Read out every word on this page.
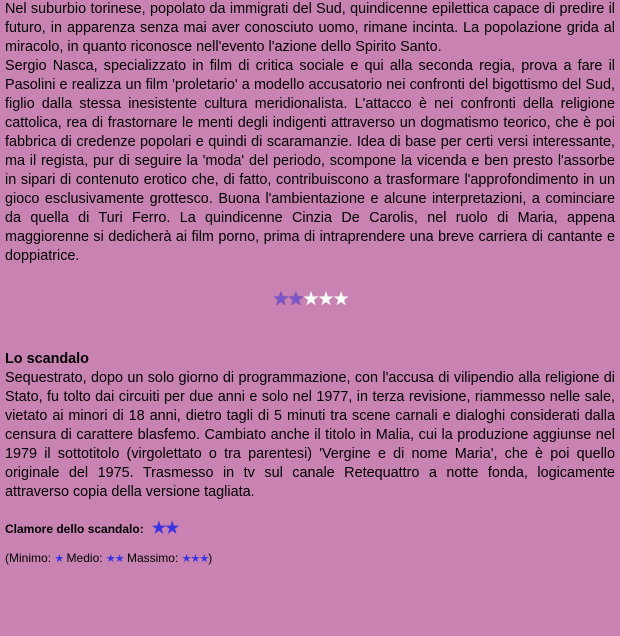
Nel suburbio torinese, popolato da immigrati del Sud, quindicenne epilettica capace di predire il futuro, in apparenza senza mai aver conosciuto uomo, rimane incinta. La popolazione grida al miracolo, in quanto riconosce nell'evento l'azione dello Spirito Santo.

Sergio Nasca, specializzato in film di critica sociale e qui alla seconda regia, prova a fare il Pasolini e realizza un film 'proletario' a modello accusatorio nei confronti del bigottismo del Sud, figlio dalla stessa inesistente cultura meridionalista. L'attacco è nei confronti della religione cattolica, rea di frastornare le menti degli indigenti attraverso un dogmatismo teorico, che è poi fabbrica di credenze popolari e quindi di scaramanzie. Idea di base per certi versi interessante, ma il regista, pur di seguire la 'moda' del periodo, scompone la vicenda e ben presto l'assorbe in sipari di contenuto erotico che, di fatto, contribuiscono a trasformare l'approfondimento in un gioco esclusivamente grottesco. Buona l'ambientazione e alcune interpretazioni, a cominciare da quella di Turi Ferro. La quindicenne Cinzia De Carolis, nel ruolo di Maria, appena maggiorenne si dedicherà ai film porno, prima di intraprendere una breve carriera di cantante e doppiatrice.

★★★★★
Lo scandalo

Sequestrato, dopo un solo giorno di programmazione, con l'accusa di vilipendio alla religione di Stato, fu tolto dai circuiti per due anni e solo nel 1977, in terza revisione, riammesso nelle sale, vietato ai minori di 18 anni, dietro tagli di 5 minuti tra scene carnali e dialoghi considerati dalla censura di carattere blasfemo. Cambiato anche il titolo in Malia, cui la produzione aggiunse nel 1979 il sottotitolo (virgolettato o tra parentesi) 'Vergine e di nome Maria', che è poi quello originale del 1975. Trasmesso in tv sul canale Retequattro a notte fonda, logicamente attraverso copia della versione tagliata.

Clamore dello scandalo: ★★
(Minimo: ★ Medio: ★★ Massimo: ★★★)
